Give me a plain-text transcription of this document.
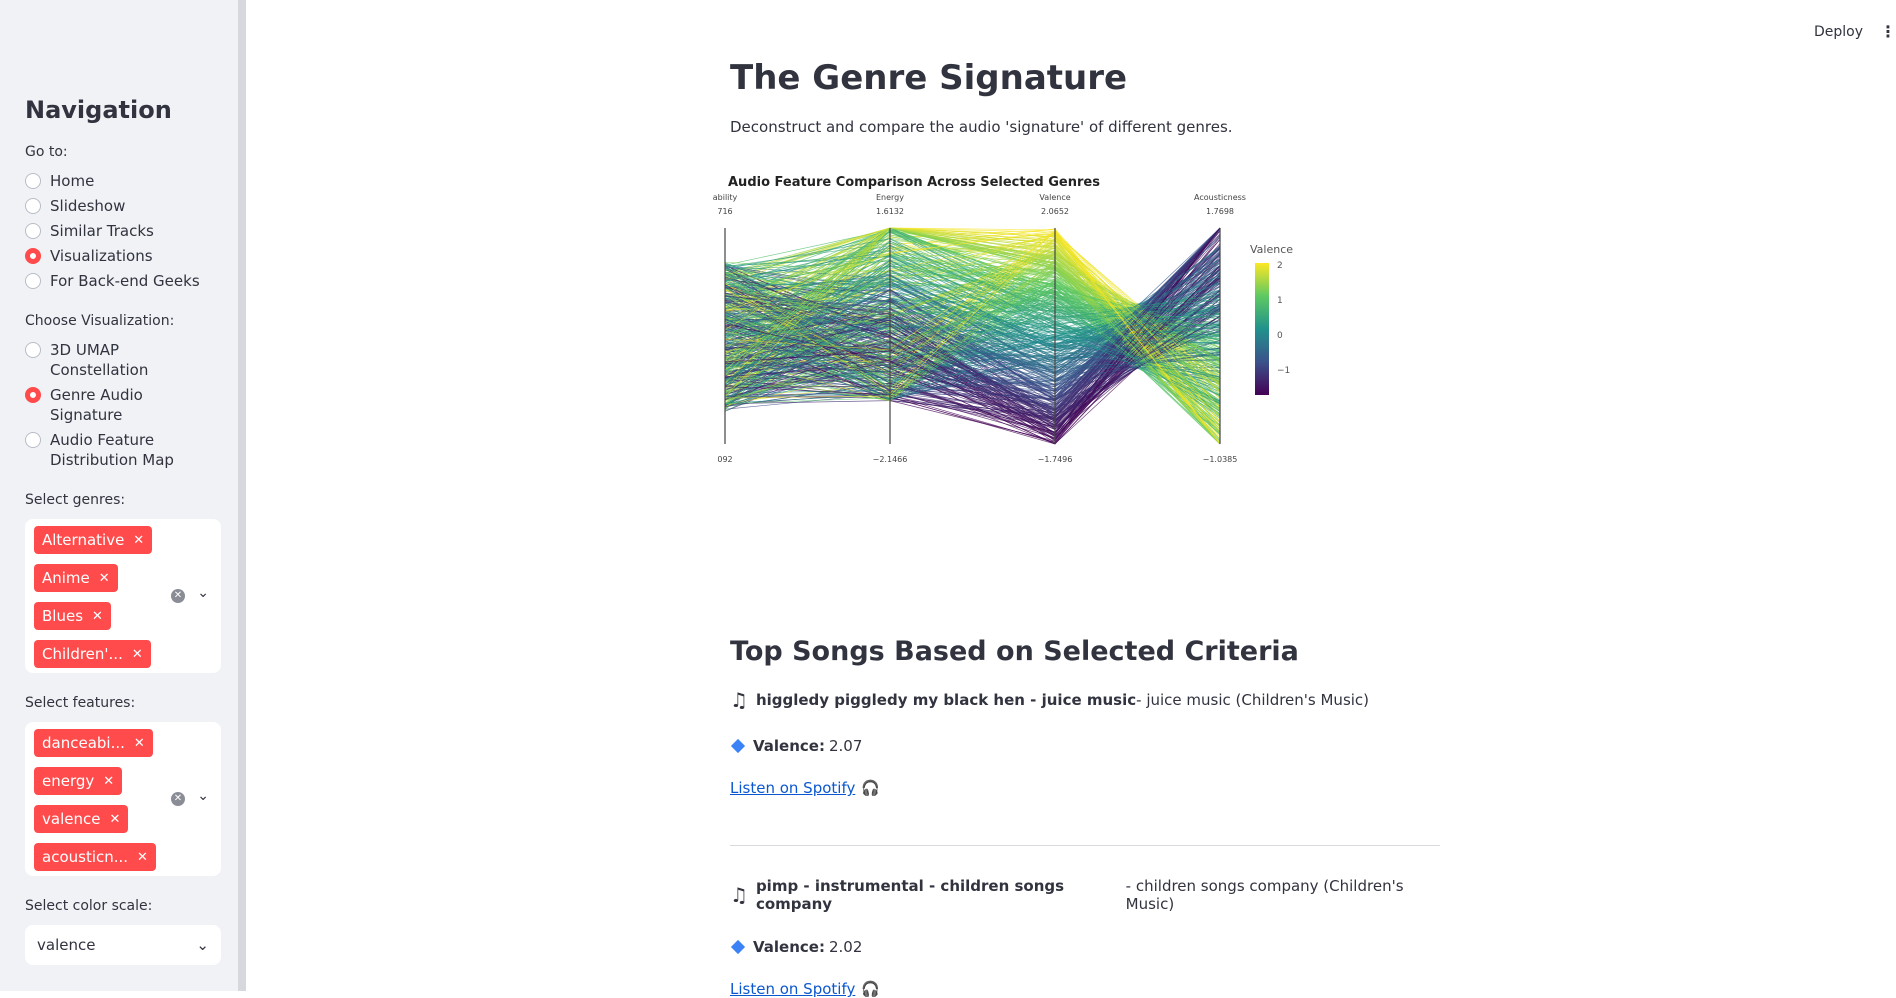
Navigation
Go to:
Home
Slideshow
Similar Tracks
Visualizations
For Back-end Geeks
Choose Visualization:
3D UMAP Constellation
Genre Audio Signature
Audio Feature Distribution Map
Select genres:
Alternative ✕
Anime ✕
Blues ✕
Children'... ✕
✕ ⌄
Select features:
danceabi... ✕
energy ✕
valence ✕
acousticn... ✕
✕ ⌄
Select color scale:
valence	⌄
Deploy ⋮
The Genre Signature
Deconstruct and compare the audio 'signature' of different genres.
Audio Feature Comparison Across Selected Genres
ability
716
092
Energy
1.6132
−2.1466
Valence
2.0652
−1.7496
Acousticness
1.7698
−1.0385
Valence
2
1
0
−1
Top Songs Based on Selected Criteria
♫ higgledy piggledy my black hen - juice music - juice music (Children's Music)
Valence: 2.07
Listen on Spotify 🎧
♫ pimp - instrumental - children songs company
- children songs company (Children's Music)
Valence: 2.02
Listen on Spotify 🎧
